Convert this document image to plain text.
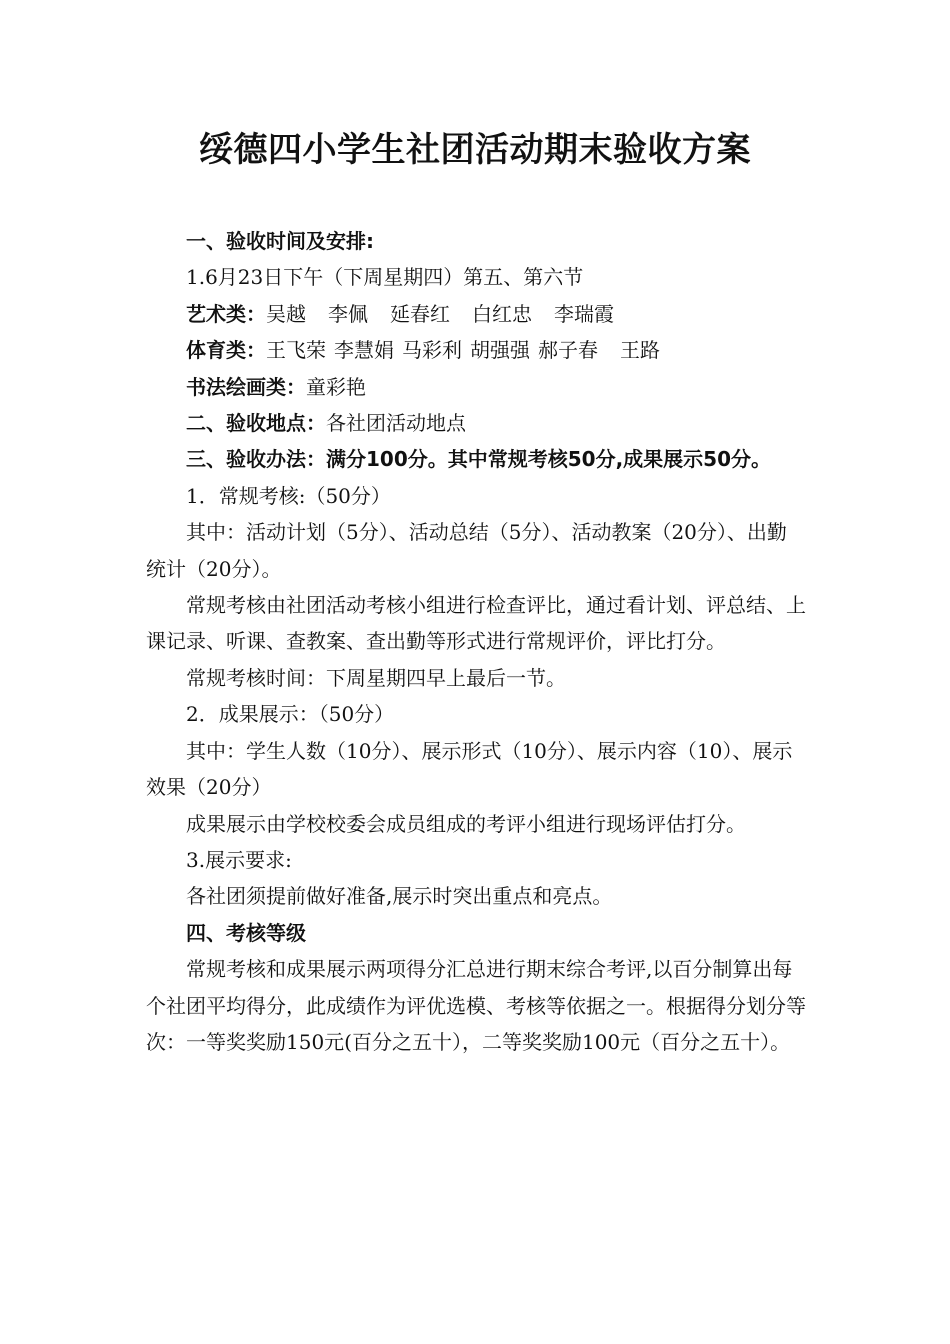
绥德四小学生社团活动期末验收方案

一、验收时间及安排:

1.6月23日下午（下周星期四）第五、第六节

艺术类：吴越 李佩 延春红 白红忠 李瑞霞

体育类：王飞荣 李慧娟 马彩利 胡强强 郝子春 王路

书法绘画类：童彩艳

二、验收地点：各社团活动地点

三、验收办法：满分100分。其中常规考核50分,成果展示50分。

1．常规考核:（50分）

其中：活动计划（5分）、活动总结（5分）、活动教案（20分）、出勤统计（20分）。

常规考核由社团活动考核小组进行检查评比，通过看计划、评总结、上课记录、听课、查教案、查出勤等形式进行常规评价，评比打分。

常规考核时间：下周星期四早上最后一节。

2．成果展示：（50分）

其中：学生人数（10分）、展示形式（10分）、展示内容（10）、展示效果（20分）

成果展示由学校校委会成员组成的考评小组进行现场评估打分。

3.展示要求:

各社团须提前做好准备,展示时突出重点和亮点。

四、考核等级

常规考核和成果展示两项得分汇总进行期末综合考评,以百分制算出每个社团平均得分，此成绩作为评优选模、考核等依据之一。根据得分划分等次：一等奖奖励150元(百分之五十），二等奖奖励100元（百分之五十）。
